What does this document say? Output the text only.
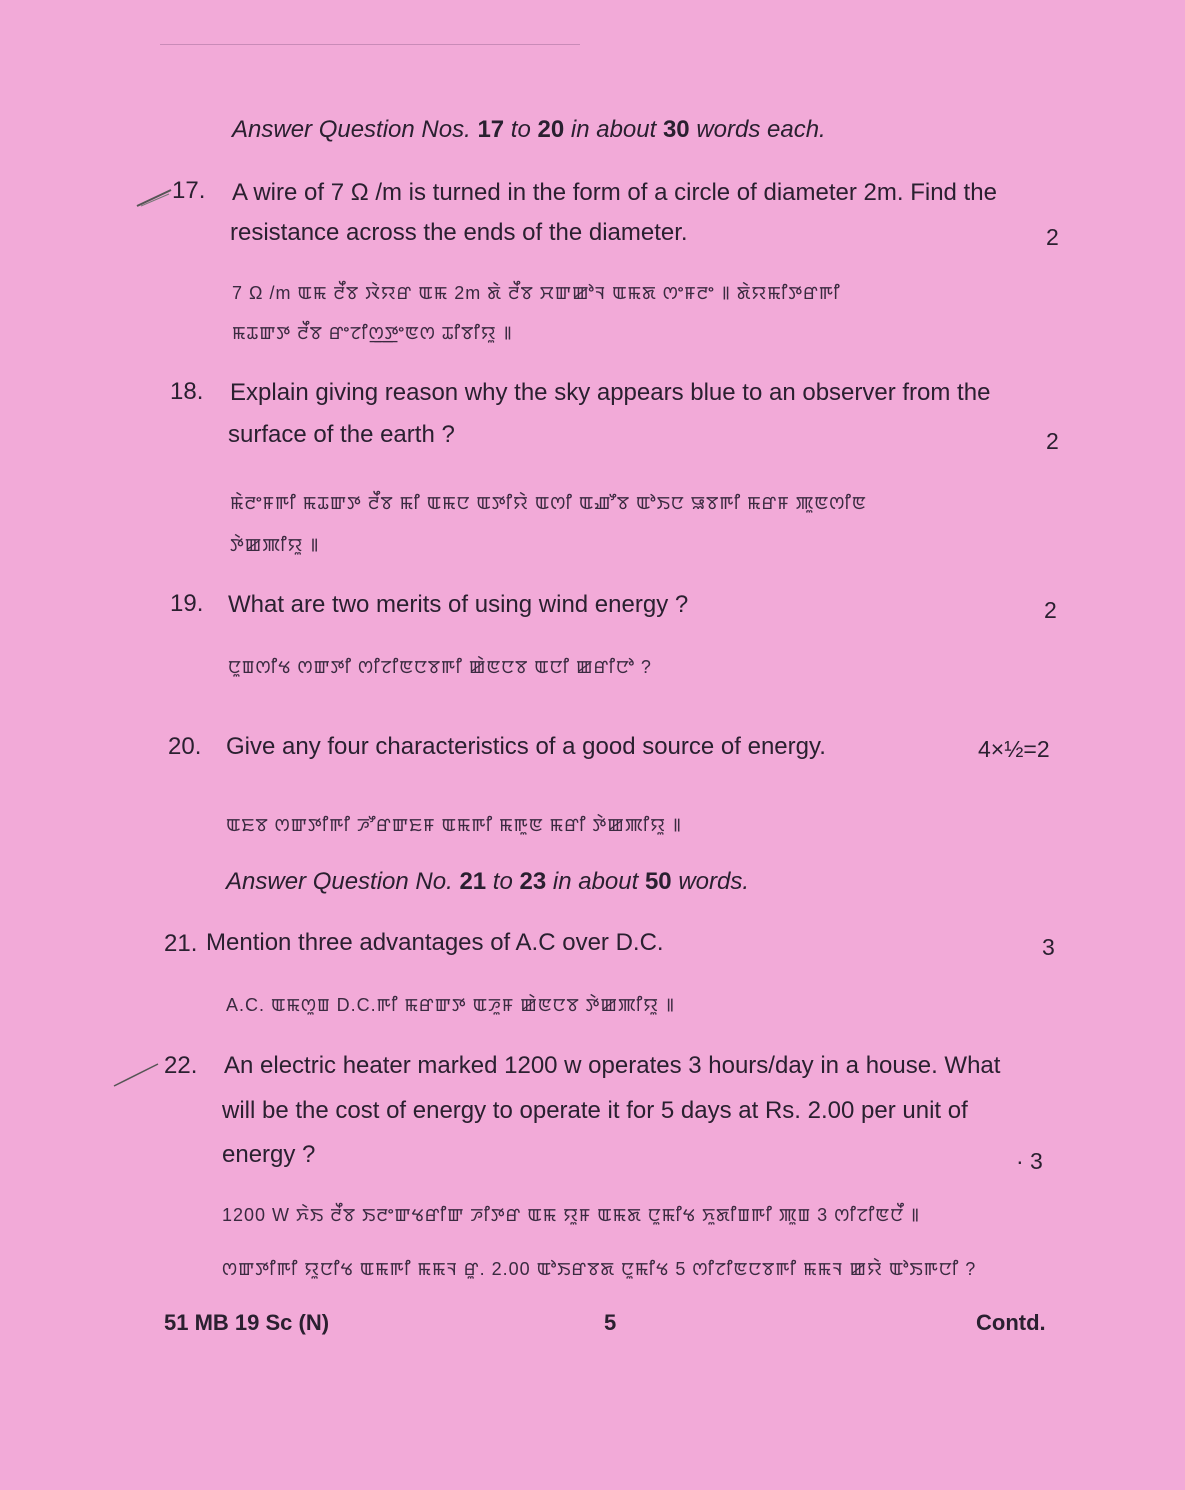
Answer Question Nos. 17 to 20 in about 30 words each.
17. A wire of 7 Ω /m is turned in the form of a circle of diameter 2m. Find the
resistance across the ends of the diameter.	2
7 Ω /m ꯑꯃ ꯂꯩꯕ ꯋꯥꯌꯔ ꯑꯃ 2m ꯗꯥ ꯂꯩꯕ ꯆꯛꯀꯣꯜ ꯑꯃꯗ ꯁꯦꯝꯂꯦ ꯫ ꯗꯥꯌꯃꯤꯇꯔꯒꯤ
ꯃꯊꯛꯇ ꯂꯩꯕ ꯔꯦꯖꯤꯁ꯭ꯇꯦꯟꯁ ꯊꯤꯕꯤꯌꯨ ꯫
18. Explain giving reason why the sky appears blue to an observer from the
surface of the earth ?	2
ꯃꯥꯂꯦꯝꯒꯤ ꯃꯊꯛꯇ ꯂꯩꯕ ꯃꯤ ꯑꯃꯅ ꯑꯇꯤꯌꯥ ꯑꯁꯤ ꯑꯉꯧꯕ ꯑꯣꯏꯅ ꯎꯕꯒꯤ ꯃꯔꯝ ꯄꯨꯟꯁꯤꯟ
ꯇꯥꯀꯄꯤꯌꯨ ꯫
19. What are two merits of using wind energy ?	2
ꯅꯨꯡꯁꯤꯠ ꯁꯛꯇꯤ ꯁꯤꯖꯤꯟꯅꯕꯒꯤ ꯀꯥꯟꯅꯕ ꯑꯅꯤ ꯀꯔꯤꯅꯣ ?
20. Give any four characteristics of a good source of energy.	4×½=2
ꯑꯐꯕ ꯁꯛꯇꯤꯒꯤ ꯍꯧꯔꯛꯐꯝ ꯑꯃꯒꯤ ꯃꯒꯨꯟ ꯃꯔꯤ ꯇꯥꯀꯄꯤꯌꯨ ꯫
Answer Question No. 21 to 23 in about 50 words.
21. Mention three advantages of A.C over D.C.	3
A.C. ꯑꯃꯁꯨꯡ D.C.ꯒꯤ ꯃꯔꯛꯇ ꯑꯍꯨꯝ ꯀꯥꯟꯅꯕ ꯇꯥꯀꯄꯤꯌꯨ ꯫
22. An electric heater marked 1200 w operates 3 hours/day in a house. What
will be the cost of energy to operate it for 5 days at Rs. 2.00 per unit of
energy ?	· 3
1200 W ꯈꯥꯏ ꯂꯩꯕ ꯏꯂꯦꯛꯠꯔꯤꯛ ꯍꯤꯇꯔ ꯑꯃ ꯌꯨꯝ ꯑꯃꯗ ꯅꯨꯃꯤꯠ ꯈꯨꯗꯤꯡꯒꯤ ꯄꯨꯡ 3 ꯁꯤꯖꯤꯟꯅꯩ ꯫
ꯁꯛꯇꯤꯒꯤ ꯌꯨꯅꯤꯠ ꯑꯃꯒꯤ ꯃꯃꯜ ꯔꯨ. 2.00 ꯑꯣꯏꯔꯕꯗ ꯅꯨꯃꯤꯠ 5 ꯁꯤꯖꯤꯟꯅꯕꯒꯤ ꯃꯃꯜ ꯀꯌꯥ ꯑꯣꯏꯒꯅꯤ ?
51 MB 19 Sc (N)	5	Contd.
